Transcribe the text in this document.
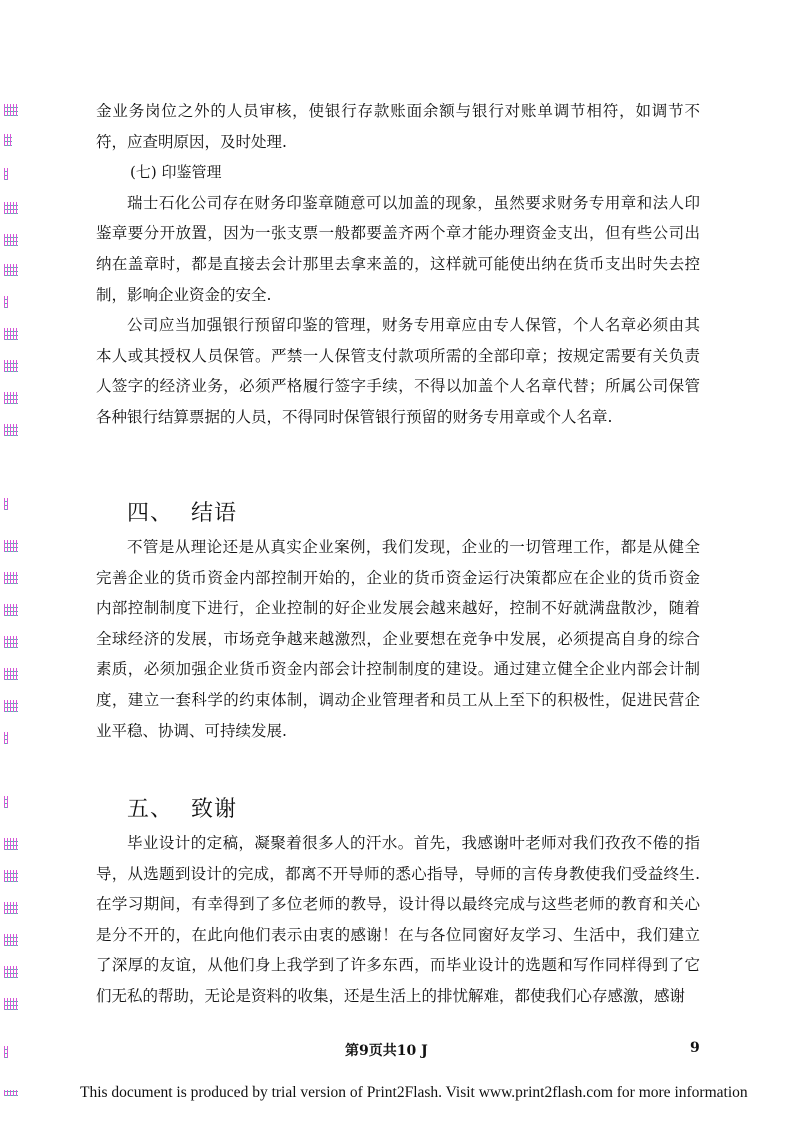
金业务岗位之外的人员审核，使银行存款账面余额与银行对账单调节相符，如调节不符，应查明原因，及时处理.

(七) 印鉴管理

瑞士石化公司存在财务印鉴章随意可以加盖的现象，虽然要求财务专用章和法人印鉴章要分开放置，因为一张支票一般都要盖齐两个章才能办理资金支出，但有些公司出纳在盖章时，都是直接去会计那里去拿来盖的，这样就可能使出纳在货币支出时失去控制，影响企业资金的安全.

公司应当加强银行预留印鉴的管理，财务专用章应由专人保管，个人名章必须由其本人或其授权人员保管。严禁一人保管支付款项所需的全部印章；按规定需要有关负责人签字的经济业务，必须严格履行签字手续，不得以加盖个人名章代替；所属公司保管各种银行结算票据的人员，不得同时保管银行预留的财务专用章或个人名章.

四、 结语

不管是从理论还是从真实企业案例，我们发现，企业的一切管理工作，都是从健全完善企业的货币资金内部控制开始的，企业的货币资金运行决策都应在企业的货币资金内部控制制度下进行，企业控制的好企业发展会越来越好，控制不好就满盘散沙，随着全球经济的发展，市场竞争越来越激烈，企业要想在竞争中发展，必须提高自身的综合素质，必须加强企业货币资金内部会计控制制度的建设。通过建立健全企业内部会计制度，建立一套科学的约束体制，调动企业管理者和员工从上至下的积极性，促进民营企业平稳、协调、可持续发展.

五、 致谢

毕业设计的定稿，凝聚着很多人的汗水。首先，我感谢叶老师对我们孜孜不倦的指导，从选题到设计的完成，都离不开导师的悉心指导，导师的言传身教使我们受益终生.在学习期间，有幸得到了多位老师的教导，设计得以最终完成与这些老师的教育和关心是分不开的，在此向他们表示由衷的感谢！在与各位同窗好友学习、生活中，我们建立了深厚的友谊，从他们身上我学到了许多东西，而毕业设计的选题和写作同样得到了它们无私的帮助，无论是资料的收集，还是生活上的排忧解难，都使我们心存感激，感谢

第9页共10 J	9
This document is produced by trial version of Print2Flash. Visit www.print2flash.com for more information
